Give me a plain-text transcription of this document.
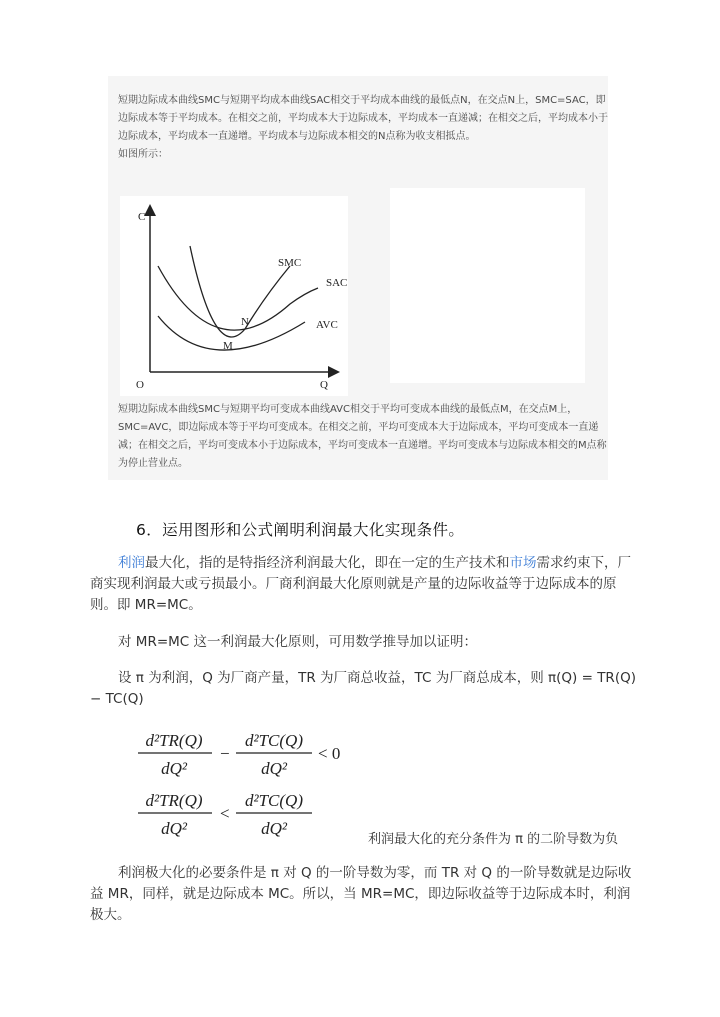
短期边际成本曲线SMC与短期平均成本曲线SAC相交于平均成本曲线的最低点N，在交点N上，SMC=SAC，即边际成本等于平均成本。在相交之前，平均成本大于边际成本，平均成本一直递减；在相交之后，平均成本小于边际成本，平均成本一直递增。平均成本与边际成本相交的N点称为收支相抵点。
如图所示：

C
O	Q
SMC
SAC
AVC
N
M

短期边际成本曲线SMC与短期平均可变成本曲线AVC相交于平均可变成本曲线的最低点M，在交点M上，SMC=AVC，即边际成本等于平均可变成本。在相交之前，平均可变成本大于边际成本，平均可变成本一直递减；在相交之后，平均可变成本小于边际成本，平均可变成本一直递增。平均可变成本与边际成本相交的M点称为停止营业点。

6．运用图形和公式阐明利润最大化实现条件。

利润最大化，指的是特指经济利润最大化，即在一定的生产技术和市场需求约束下，厂商实现利润最大或亏损最小。厂商利润最大化原则就是产量的边际收益等于边际成本的原则。即 MR=MC。

对 MR=MC 这一利润最大化原则，可用数学推导加以证明：

设 π 为利润，Q 为厂商产量，TR 为厂商总收益，TC 为厂商总成本，则 π(Q) = TR(Q) − TC(Q)

d²TR(Q)
dQ²
−
d²TC(Q)
dQ²
< 0
d²TR(Q)
dQ²
<
d²TC(Q)
dQ²

利润最大化的充分条件为 π 的二阶导数为负

利润极大化的必要条件是 π 对 Q 的一阶导数为零，而 TR 对 Q 的一阶导数就是边际收益 MR，同样，就是边际成本 MC。所以，当 MR=MC，即边际收益等于边际成本时，利润极大。
